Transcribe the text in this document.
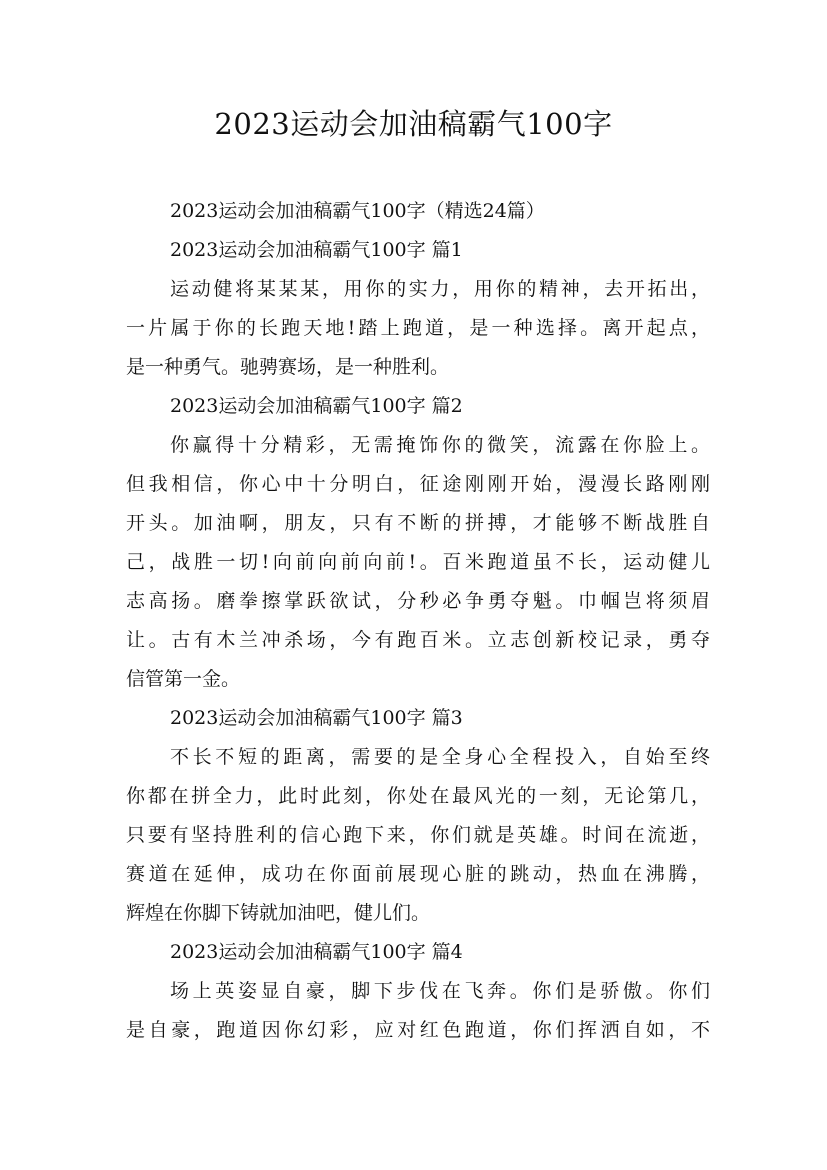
2023运动会加油稿霸气100字
2023运动会加油稿霸气100字（精选24篇）
2023运动会加油稿霸气100字 篇1
运动健将某某某，用你的实力，用你的精神，去开拓出，
一片属于你的长跑天地!踏上跑道，是一种选择。离开起点，
是一种勇气。驰骋赛场，是一种胜利。
2023运动会加油稿霸气100字 篇2
你赢得十分精彩，无需掩饰你的微笑，流露在你脸上。
但我相信，你心中十分明白，征途刚刚开始，漫漫长路刚刚
开头。加油啊，朋友，只有不断的拼搏，才能够不断战胜自
己，战胜一切!向前向前向前!。百米跑道虽不长，运动健儿
志高扬。磨拳擦掌跃欲试，分秒必争勇夺魁。巾帼岂将须眉
让。古有木兰冲杀场，今有跑百米。立志创新校记录，勇夺
信管第一金。
2023运动会加油稿霸气100字 篇3
不长不短的距离，需要的是全身心全程投入，自始至终
你都在拼全力，此时此刻，你处在最风光的一刻，无论第几，
只要有坚持胜利的信心跑下来，你们就是英雄。时间在流逝，
赛道在延伸，成功在你面前展现心脏的跳动，热血在沸腾，
辉煌在你脚下铸就加油吧，健儿们。
2023运动会加油稿霸气100字 篇4
场上英姿显自豪，脚下步伐在飞奔。你们是骄傲。你们
是自豪，跑道因你幻彩，应对红色跑道，你们挥洒自如，不
